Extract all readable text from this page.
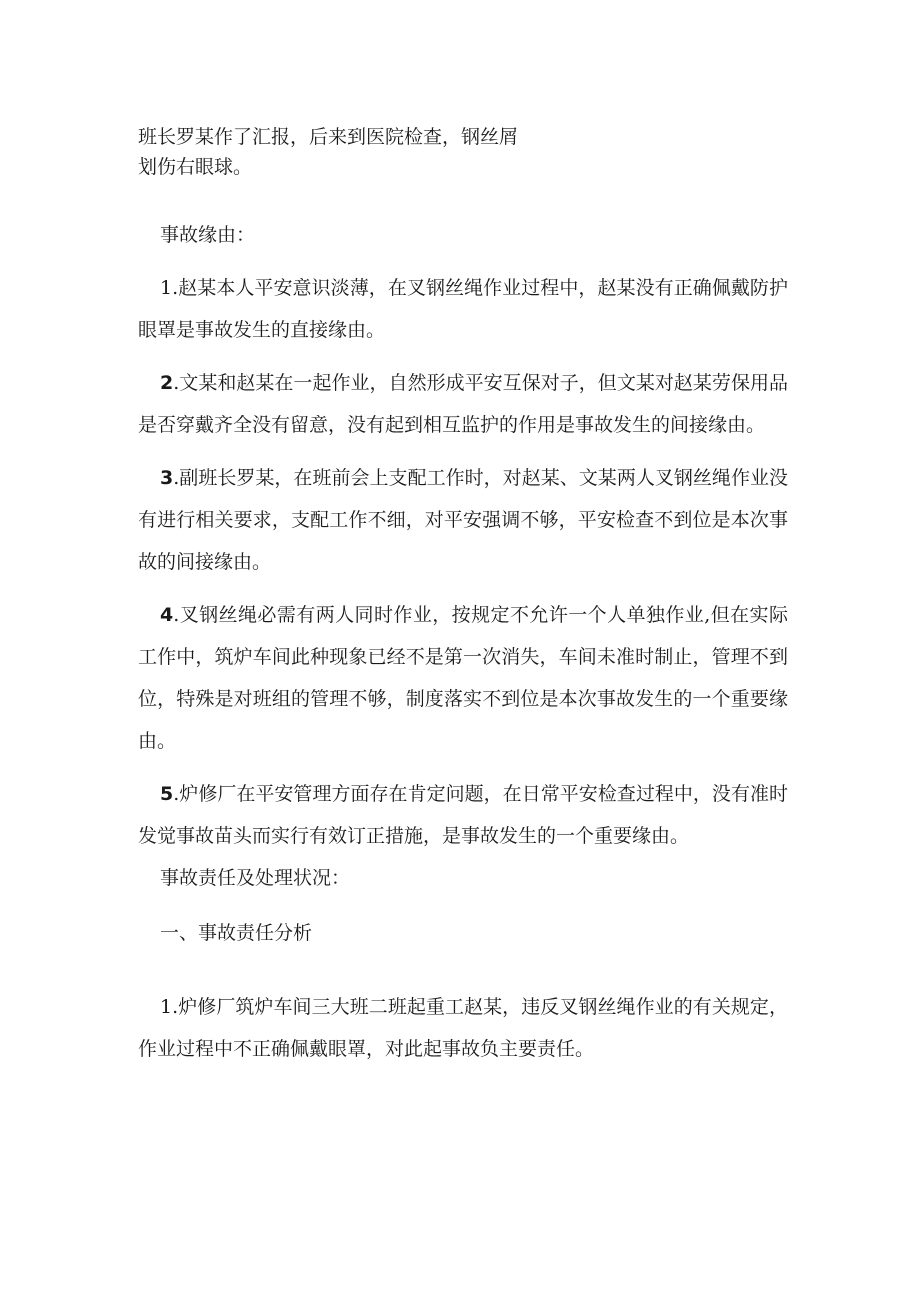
班长罗某作了汇报，后来到医院检查，钢丝屑
划伤右眼球。

事故缘由：

1.赵某本人平安意识淡薄，在叉钢丝绳作业过程中，赵某没有正确佩戴防护眼罩是事故发生的直接缘由。

2.文某和赵某在一起作业，自然形成平安互保对子，但文某对赵某劳保用品是否穿戴齐全没有留意，没有起到相互监护的作用是事故发生的间接缘由。

3.副班长罗某，在班前会上支配工作时，对赵某、文某两人叉钢丝绳作业没有进行相关要求，支配工作不细，对平安强调不够，平安检查不到位是本次事故的间接缘由。

4.叉钢丝绳必需有两人同时作业，按规定不允许一个人单独作业,但在实际工作中，筑炉车间此种现象已经不是第一次消失，车间未准时制止，管理不到位，特殊是对班组的管理不够，制度落实不到位是本次事故发生的一个重要缘由。

5.炉修厂在平安管理方面存在肯定问题，在日常平安检查过程中，没有准时发觉事故苗头而实行有效订正措施，是事故发生的一个重要缘由。

事故责任及处理状况：

一、事故责任分析

1.炉修厂筑炉车间三大班二班起重工赵某，违反叉钢丝绳作业的有关规定，作业过程中不正确佩戴眼罩，对此起事故负主要责任。
